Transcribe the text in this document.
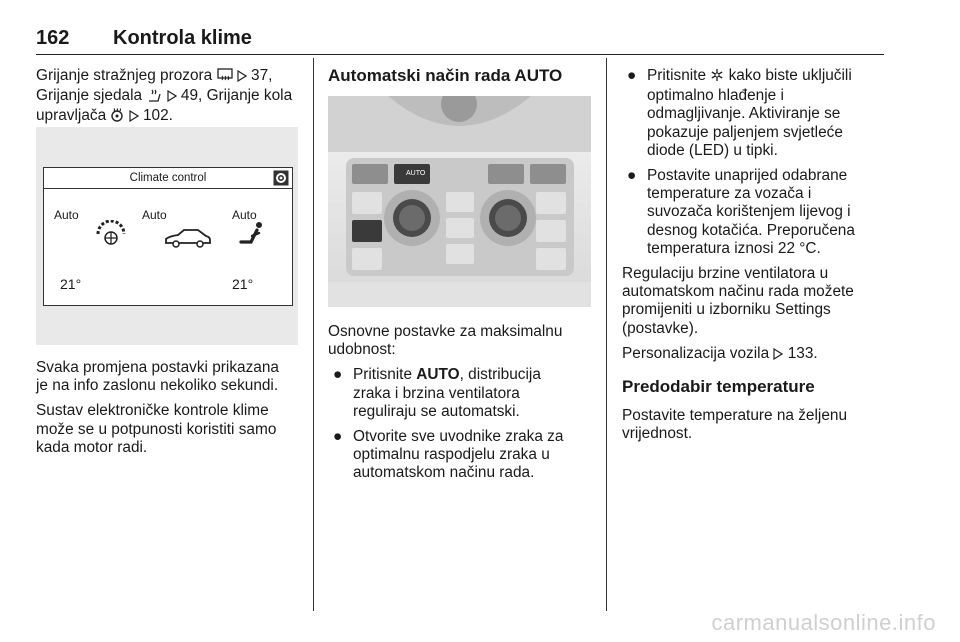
162 Kontrola klime

Grijanje stražnjeg prozora   37,

Grijanje sjedala   49, Grijanje kola

upravljača   102.

Climate control
Auto	Auto	Auto
21°	21°

Svaka promjena postavki prikazana
je na info zaslonu nekoliko sekundi.

Sustav elektroničke kontrole klime
može se u potpunosti koristiti samo
kada motor radi.

Automatski način rada AUTO
AUTO

Osnovne postavke za maksimalnu
udobnost:

● Pritisnite AUTO, distribucija
zraka i brzina ventilatora
reguliraju se automatski.
● Otvorite sve uvodnike zraka za
optimalnu raspodjelu zraka u
automatskom načinu rada.
● Pritisnite  kako biste uključili
optimalno hlađenje i
odmagljivanje. Aktiviranje se
pokazuje paljenjem svjetleće
diode (LED) u tipki.
● Postavite unaprijed odabrane
temperature za vozača i
suvozača korištenjem lijevog i
desnog kotačića. Preporučena
temperatura iznosi 22 °C.

Regulaciju brzine ventilatora u
automatskom načinu rada možete
promijeniti u izborniku Settings
(postavke).

Personalizacija vozila  133.

Predodabir temperature

Postavite temperature na željenu
vrijednost.

carmanualsonline.info
